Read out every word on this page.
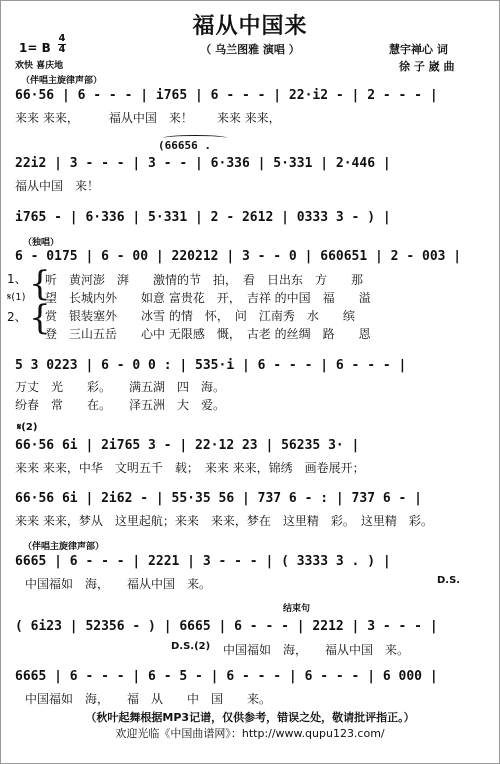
福从中国来
（ 乌兰图雅 演唱 ）
1= B
4
4
欢快 喜庆地
慧宇禅心 词
徐 子 崴 曲
（伴唱主旋律声部）
66·56 | 6 - - - | i765 | 6 - - - | 22·i2 - | 2 - - - |
来来 来来，　　　福从中国　来！　　来来 来来，
(66656 .
22i2 | 3 - - - | 3 - - | 6·336 | 5·331 | 2·446 |
福从中国　来！
i765 - | 6·336 | 5·331 | 2 - 2612 | 0333 3 - ) |
（独唱）
6 - 0175 | 6 - 00 | 220212 | 3 - - 0 | 660651 | 2 - 003 |
1、
𝄋(1)
2、
{
{
听　黄河澎　湃　　激情的节　拍，　看　日出东　方　　那
望　长城内外　　如意 富贵花　开，　吉祥 的中国　福　　溢
赏　银装塞外　　冰雪 的情　怀，　问　江南秀　水　　缤
登　三山五岳　　心中 无限感　慨，　古老 的丝绸　路　　恩
5 3 0223 | 6 - 0 0 : | 535·i | 6 - - - | 6 - - - |
万丈　光　　彩。　　满五湖　四　海。
纷春　常　　在。　　泽五洲　大　爱。
𝄋(2)
66·56 6i | 2i765 3 - | 22·12 23 | 56235 3· |
来来 来来，中华　文明五千　载；　来来 来来，锦绣　画卷展开；
66·56 6i | 2i62 - | 55·35 56 | 737 6 - : | 737 6 - |
来来 来来，梦从　这里起航；来来　来来，梦在　这里精　彩。　这里精　彩。
（伴唱主旋律声部）
6665 | 6 - - - | 2221 | 3 - - - | ( 3333 3 . ) |
中国福如　海，　　福从中国　来。	D.S.
结束句
( 6i23 | 52356 - ) | 6665 | 6 - - - | 2212 | 3 - - - |
D.S.(2) 中国福如　海，　　福从中国　来。
6665 | 6 - - - | 6 - 5 - | 6 - - - | 6 - - - | 6 000 |
中国福如　海，　　福　从　　中　国　　来。
（秋叶起舞根据MP3记谱，仅供参考，错误之处，敬请批评指正。）
欢迎光临《中国曲谱网》：http://www.qupu123.com/
